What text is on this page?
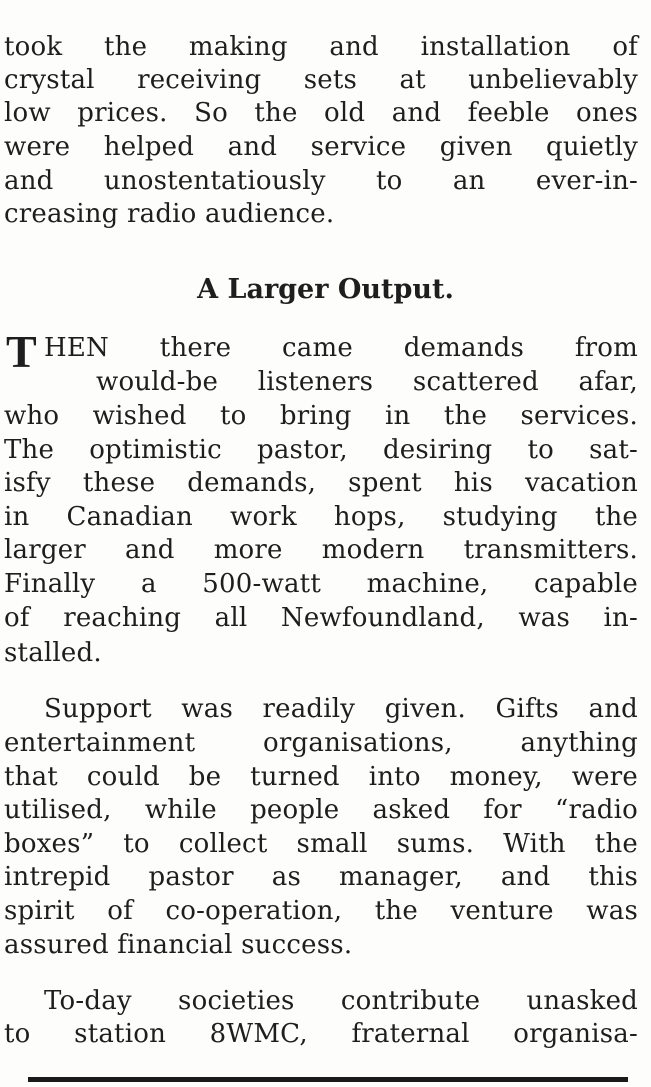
took the making and installation of
crystal receiving sets at unbelievably
low prices. So the old and feeble ones
were helped and service given quietly
and unostentatiously to an ever-in-
creasing radio audience.
A Larger Output.
T HEN there came demands from
would-be listeners scattered afar,
who wished to bring in the services.
The optimistic pastor, desiring to sat-
isfy these demands, spent his vacation
in Canadian work hops, studying the
larger and more modern transmitters.
Finally a 500-watt machine, capable
of reaching all Newfoundland, was in-
stalled.
Support was readily given. Gifts and
entertainment organisations, anything
that could be turned into money, were
utilised, while people asked for “radio
boxes” to collect small sums. With the
intrepid pastor as manager, and this
spirit of co-operation, the venture was
assured financial success.
To-day societies contribute unasked
to station 8WMC, fraternal organisa-
